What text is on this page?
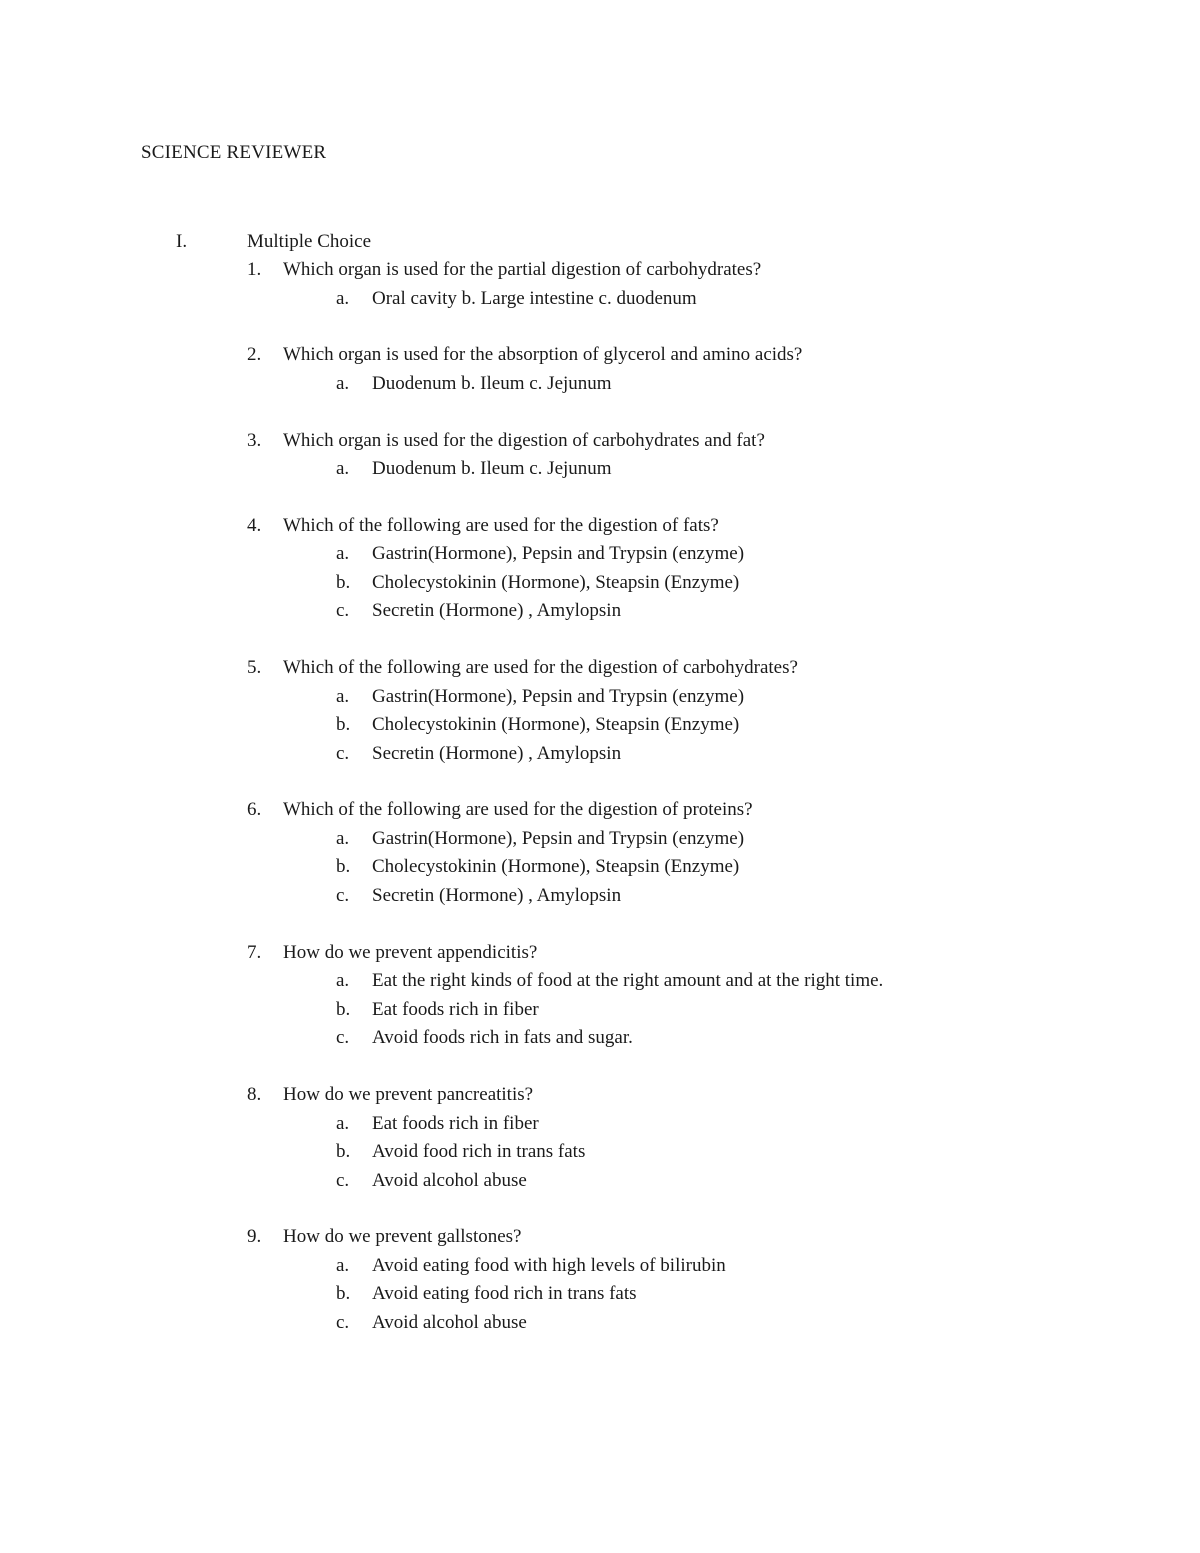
SCIENCE REVIEWER
I.	Multiple Choice
1.	Which organ is used for the partial digestion of carbohydrates?
a. Oral cavity b. Large intestine c. duodenum
2.	Which organ is used for the absorption of glycerol and amino acids?
a. Duodenum b. Ileum c. Jejunum
3.	Which organ is used for the digestion of carbohydrates and fat?
a. Duodenum b. Ileum c. Jejunum
4.	Which of the following are used for the digestion of fats?
a. Gastrin(Hormone), Pepsin and Trypsin (enzyme)
b. Cholecystokinin (Hormone), Steapsin (Enzyme)
c. Secretin (Hormone) , Amylopsin
5.	Which of the following are used for the digestion of carbohydrates?
a. Gastrin(Hormone), Pepsin and Trypsin (enzyme)
b. Cholecystokinin (Hormone), Steapsin (Enzyme)
c. Secretin (Hormone) , Amylopsin
6.	Which of the following are used for the digestion of proteins?
a. Gastrin(Hormone), Pepsin and Trypsin (enzyme)
b. Cholecystokinin (Hormone), Steapsin (Enzyme)
c. Secretin (Hormone) , Amylopsin
7.	How do we prevent appendicitis?
a. Eat the right kinds of food at the right amount and at the right time.
b. Eat foods rich in fiber
c. Avoid foods rich in fats and sugar.
8.	How do we prevent pancreatitis?
a. Eat foods rich in fiber
b. Avoid food rich in trans fats
c. Avoid alcohol abuse
9.	How do we prevent gallstones?
a. Avoid eating food with high levels of bilirubin
b. Avoid eating food rich in trans fats
c. Avoid alcohol abuse
